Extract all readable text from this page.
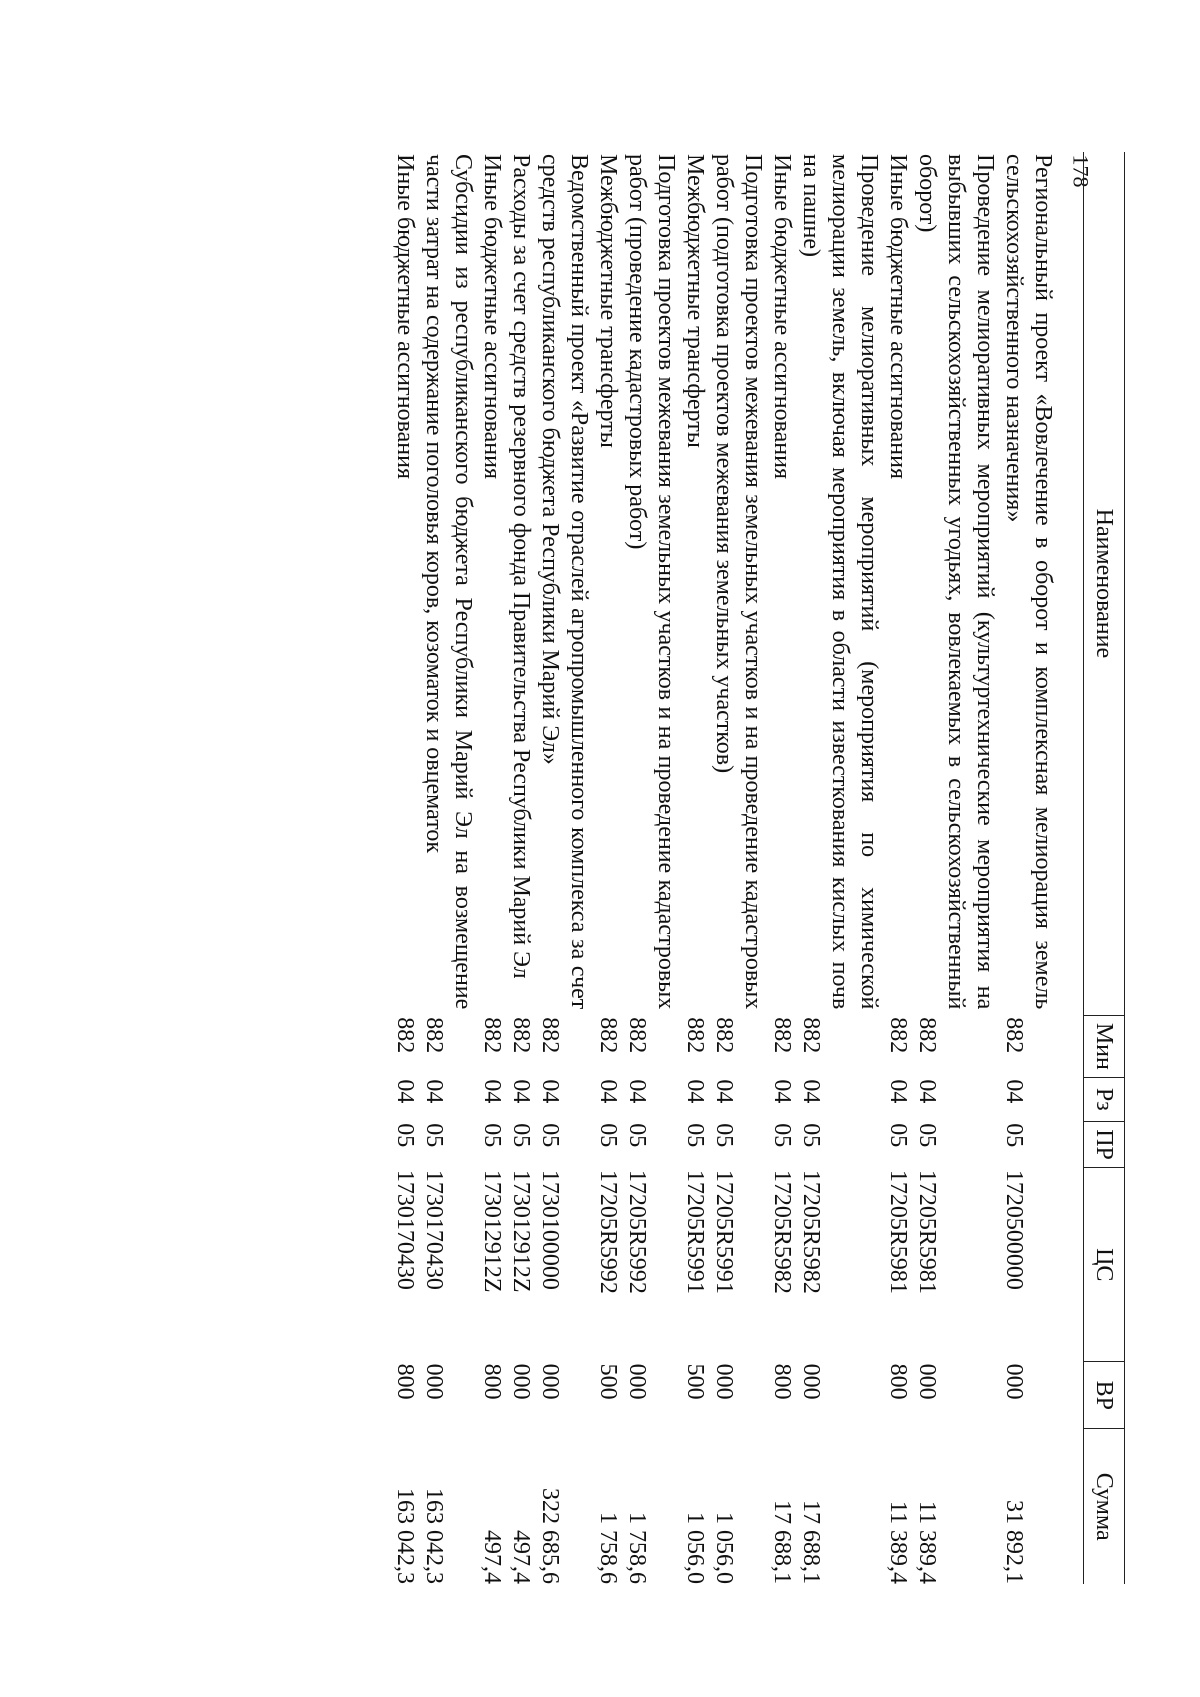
178
Наименование	Мин	Рз	ПР	ЦС	ВР	Сумма
Региональный проект «Вовлечение в оборот и комплексная мелиорация земель сельскохозяйственного назначения»	882	04	05	1720500000	000	31 892,1
Проведение мелиоративных мероприятий (культуртехнические мероприятия на выбывших сельскохозяйственных угодьях, вовлекаемых в сельскохозяйственный оборот)	882	04	05	17205R5981	000	11 389,4
Иные бюджетные ассигнования	882	04	05	17205R5981	800	11 389,4
Проведение мелиоративных мероприятий (мероприятия по химической мелиорации земель, включая мероприятия в области известкования кислых почв на пашне)	882	04	05	17205R5982	000	17 688,1
Иные бюджетные ассигнования	882	04	05	17205R5982	800	17 688,1
Подготовка проектов межевания земельных участков и на проведение кадастровых работ (подготовка проектов межевания земельных участков)	882	04	05	17205R5991	000	1 056,0
Межбюджетные трансферты	882	04	05	17205R5991	500	1 056,0
Подготовка проектов межевания земельных участков и на проведение кадастровых работ (проведение кадастровых работ)	882	04	05	17205R5992	000	1 758,6
Межбюджетные трансферты	882	04	05	17205R5992	500	1 758,6
Ведомственный проект «Развитие отраслей агропромышленного комплекса за счет средств республиканского бюджета Республики Марий Эл»	882	04	05	1730100000	000	322 685,6
Расходы за счет средств резервного фонда Правительства Республики Марий Эл	882	04	05	173012912Z	000	497,4
Иные бюджетные ассигнования	882	04	05	173012912Z	800	497,4
Субсидии из республиканского бюджета Республики Марий Эл на возмещение части затрат на содержание поголовья коров, козоматок и овцематок	882	04	05	1730170430	000	163 042,3
Иные бюджетные ассигнования	882	04	05	1730170430	800	163 042,3
